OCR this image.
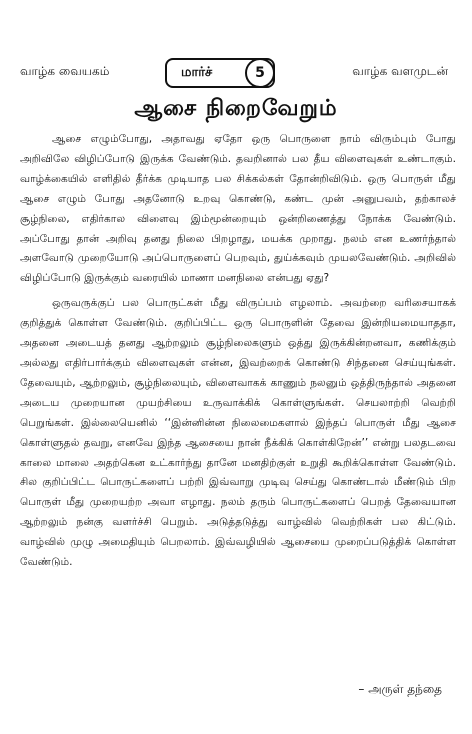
வாழ்க வையகம்	மார்ச்	5	வாழ்க வளமுடன்
ஆசை நிறைவேறும்

ஆசை எழும்போது, அதாவது ஏதோ ஒரு பொருளை நாம் விரும்பும் போது அறிவிலே விழிப்போடு இருக்க வேண்டும். தவறினால் பல தீய விளைவுகள் உண்டாகும். வாழ்க்கையில் எளிதில் தீர்க்க முடியாத பல சிக்கல்கள் தோன்றிவிடும். ஒரு பொருள் மீது ஆசை எழும் போது அதனோடு உறவு கொண்டு, கண்ட முன் அனுபவம், தற்காலச் சூழ்நிலை, எதிர்கால விளைவு இம்மூன்றையும் ஒன்றிணைத்து நோக்க வேண்டும். அப்போது தான் அறிவு தனது நிலை பிறழாது, மயக்க முறாது. நலம் என உணர்ந்தால் அளவோடு முறையோடு அப்பொருளைப் பெறவும், துய்க்கவும் முயலவேண்டும். அறிவில் விழிப்போடு இருக்கும் வரையில் மாணா மனநிலை என்பது ஏது?

ஒருவருக்குப் பல பொருட்கள் மீது விருப்பம் எழலாம். அவற்றை வரிசையாகக் குறித்துக் கொள்ள வேண்டும். குறிப்பிட்ட ஒரு பொருளின் தேவை இன்றியமையாததா, அதனை அடையத் தனது ஆற்றலும் சூழ்நிலைகளும் ஒத்து இருக்கின்றனவா, கணிக்கும் அல்லது எதிர்பார்க்கும் விளைவுகள் என்ன, இவற்றைக் கொண்டு சிந்தனை செய்யுங்கள். தேவையும், ஆற்றலும், சூழ்நிலையும், விளைவாகக் காணும் நலனும் ஒத்திருந்தால் அதனை அடைய முறையான முயற்சியை உருவாக்கிக் கொள்ளுங்கள். செயலாற்றி வெற்றி பெறுங்கள். இல்லையெனில் ‘‘இன்னின்ன நிலைமைகளால் இந்தப் பொருள் மீது ஆசை கொள்ளுதல் தவறு, எனவே இந்த ஆசையை நான் நீக்கிக் கொள்கிறேன்’’ என்று பலதடவை காலை மாலை அதற்கென உட்கார்ந்து தானே மனதிற்குள் உறுதி கூறிக்கொள்ள வேண்டும். சில குறிப்பிட்ட பொருட்களைப் பற்றி இவ்வாறு முடிவு செய்து கொண்டால் மீண்டும் பிற பொருள் மீது முறையற்ற அவா எழாது. நலம் தரும் பொருட்களைப் பெறத் தேவையான ஆற்றலும் நன்கு வளர்ச்சி பெறும். அடுத்தடுத்து வாழ்வில் வெற்றிகள் பல கிட்டும். வாழ்வில் முழு அமைதியும் பெறலாம். இவ்வழியில் ஆசையை முறைப்படுத்திக் கொள்ள வேண்டும்.

– அருள் தந்தை
